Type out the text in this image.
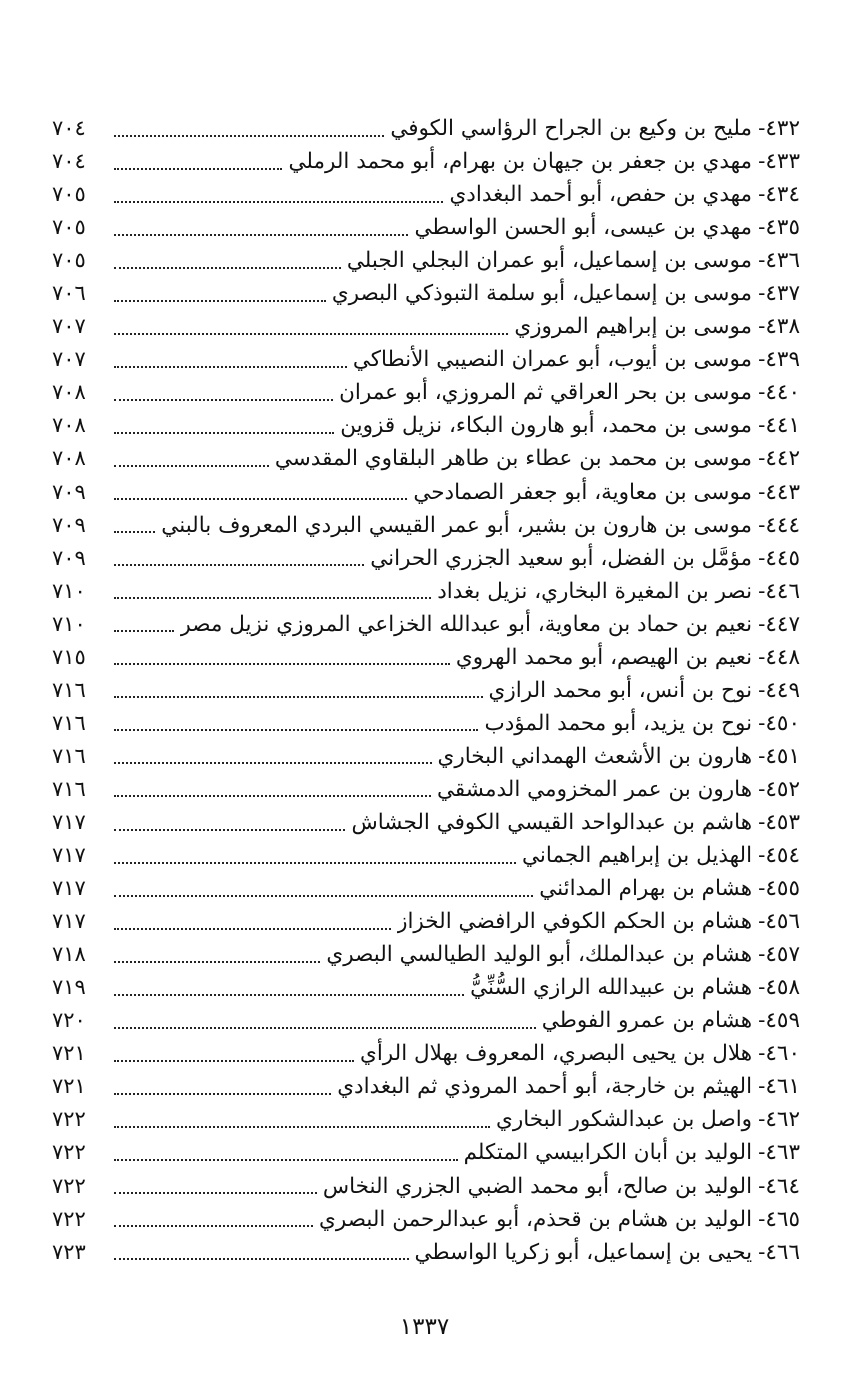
٤٣٢
-
مليح بن وكيع بن الجراح الرؤاسي الكوفي
٧٠٤
٤٣٣
-
مهدي بن جعفر بن جيهان بن بهرام، أبو محمد الرملي
٧٠٤
٤٣٤
-
مهدي بن حفص، أبو أحمد البغدادي
٧٠٥
٤٣٥
-
مهدي بن عيسى، أبو الحسن الواسطي
٧٠٥
٤٣٦
-
موسى بن إسماعيل، أبو عمران البجلي الجبلي
٧٠٥
٤٣٧
-
موسى بن إسماعيل، أبو سلمة التبوذكي البصري
٧٠٦
٤٣٨
-
موسى بن إبراهيم المروزي
٧٠٧
٤٣٩
-
موسى بن أيوب، أبو عمران النصيبي الأنطاكي
٧٠٧
٤٤٠
-
موسى بن بحر العراقي ثم المروزي، أبو عمران
٧٠٨
٤٤١
-
موسى بن محمد، أبو هارون البكاء، نزيل قزوين
٧٠٨
٤٤٢
-
موسى بن محمد بن عطاء بن طاهر البلقاوي المقدسي
٧٠٨
٤٤٣
-
موسى بن معاوية، أبو جعفر الصمادحي
٧٠٩
٤٤٤
-
موسى بن هارون بن بشير، أبو عمر القيسي البردي المعروف بالبني
٧٠٩
٤٤٥
-
مؤمَّل بن الفضل، أبو سعيد الجزري الحراني
٧٠٩
٤٤٦
-
نصر بن المغيرة البخاري، نزيل بغداد
٧١٠
٤٤٧
-
نعيم بن حماد بن معاوية، أبو عبدالله الخزاعي المروزي نزيل مصر
٧١٠
٤٤٨
-
نعيم بن الهيصم، أبو محمد الهروي
٧١٥
٤٤٩
-
نوح بن أنس، أبو محمد الرازي
٧١٦
٤٥٠
-
نوح بن يزيد، أبو محمد المؤدب
٧١٦
٤٥١
-
هارون بن الأشعث الهمداني البخاري
٧١٦
٤٥٢
-
هارون بن عمر المخزومي الدمشقي
٧١٦
٤٥٣
-
هاشم بن عبدالواحد القيسي الكوفي الجشاش
٧١٧
٤٥٤
-
الهذيل بن إبراهيم الجماني
٧١٧
٤٥٥
-
هشام بن بهرام المدائني
٧١٧
٤٥٦
-
هشام بن الحكم الكوفي الرافضي الخزاز
٧١٧
٤٥٧
-
هشام بن عبدالملك، أبو الوليد الطيالسي البصري
٧١٨
٤٥٨
-
هشام بن عبيدالله الرازي السُّنِّيُّ
٧١٩
٤٥٩
-
هشام بن عمرو الفوطي
٧٢٠
٤٦٠
-
هلال بن يحيى البصري، المعروف بهلال الرأي
٧٢١
٤٦١
-
الهيثم بن خارجة، أبو أحمد المروذي ثم البغدادي
٧٢١
٤٦٢
-
واصل بن عبدالشكور البخاري
٧٢٢
٤٦٣
-
الوليد بن أبان الكرابيسي المتكلم
٧٢٢
٤٦٤
-
الوليد بن صالح، أبو محمد الضبي الجزري النخاس
٧٢٢
٤٦٥
-
الوليد بن هشام بن قحذم، أبو عبدالرحمن البصري
٧٢٢
٤٦٦
-
يحيى بن إسماعيل، أبو زكريا الواسطي
٧٢٣
١٣٣٧
